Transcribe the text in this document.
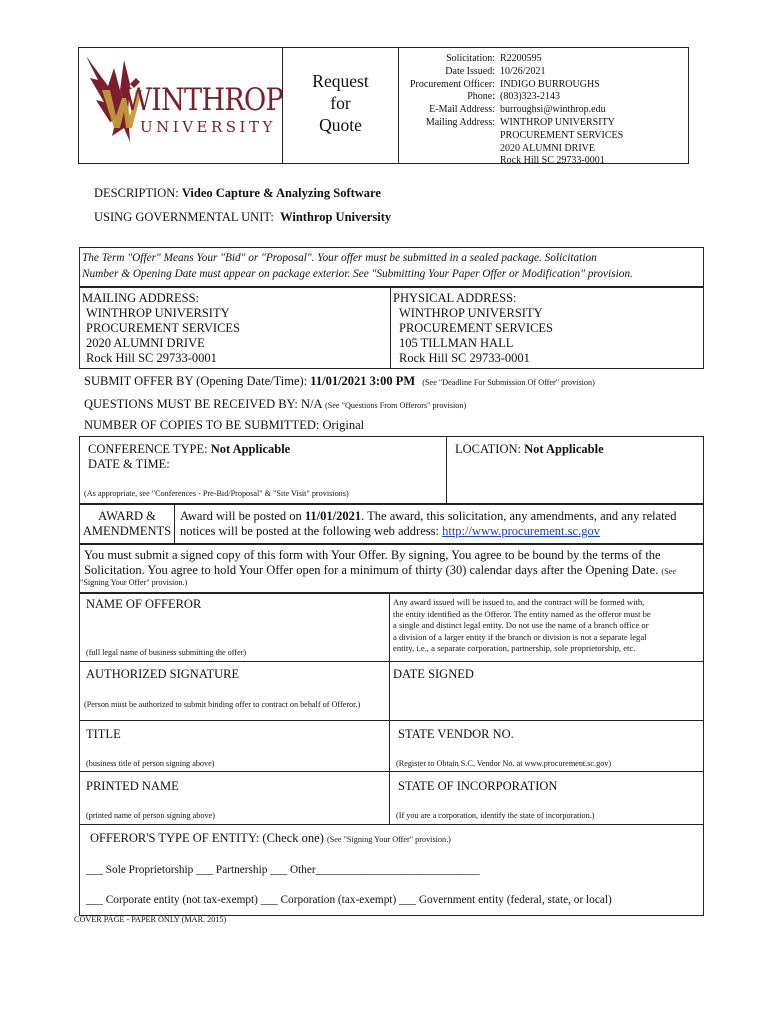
WINTHROP
UNIVERSITY
Request
for
Quote
Solicitation:
Date Issued:
Procurement Officer:
Phone:
E-Mail Address:
Mailing Address:
R2200595
10/26/2021
INDIGO BURROUGHS
(803)323-2143
burroughsi@winthrop.edu
WINTHROP UNIVERSITY
PROCUREMENT SERVICES
2020 ALUMNI DRIVE
Rock Hill SC 29733-0001
DESCRIPTION: Video Capture & Analyzing Software
USING GOVERNMENTAL UNIT: Winthrop University
The Term "Offer" Means Your "Bid" or "Proposal". Your offer must be submitted in a sealed package. Solicitation
Number & Opening Date must appear on package exterior. See "Submitting Your Paper Offer or Modification" provision.
MAILING ADDRESS:
WINTHROP UNIVERSITY
PROCUREMENT SERVICES
2020 ALUMNI DRIVE
Rock Hill SC 29733-0001
PHYSICAL ADDRESS:
WINTHROP UNIVERSITY
PROCUREMENT SERVICES
105 TILLMAN HALL
Rock Hill SC 29733-0001
SUBMIT OFFER BY (Opening Date/Time): 11/01/2021 3:00 PM (See "Deadline For Submission Of Offer" provision)
QUESTIONS MUST BE RECEIVED BY: N/A (See "Questions From Offerors" provision)
NUMBER OF COPIES TO BE SUBMITTED: Original
CONFERENCE TYPE: Not Applicable
DATE & TIME:
LOCATION: Not Applicable
(As appropriate, see "Conferences - Pre-Bid/Proposal" & "Site Visit" provisions)
AWARD &
AMENDMENTS
Award will be posted on 11/01/2021. The award, this solicitation, any amendments, and any related
notices will be posted at the following web address: http://www.procurement.sc.gov
You must submit a signed copy of this form with Your Offer. By signing, You agree to be bound by the terms of the
Solicitation. You agree to hold Your Offer open for a minimum of thirty (30) calendar days after the Opening Date. (See
"Signing Your Offer" provision.)
NAME OF OFFEROR
(full legal name of business submitting the offer)
Any award issued will be issued to, and the contract will be formed with,
the entity identified as the Offeror. The entity named as the offeror must be
a single and distinct legal entity. Do not use the name of a branch office or
a division of a larger entity if the branch or division is not a separate legal
entity, i.e., a separate corporation, partnership, sole proprietorship, etc.
AUTHORIZED SIGNATURE	DATE SIGNED
(Person must be authorized to submit binding offer to contract on behalf of Offeror.)
TITLE
(business title of person signing above)
STATE VENDOR NO.
(Register to Obtain S.C. Vendor No. at www.procurement.sc.gov)
PRINTED NAME
(printed name of person signing above)
STATE OF INCORPORATION
(If you are a corporation, identify the state of incorporation.)
OFFEROR'S TYPE OF ENTITY: (Check one) (See "Signing Your Offer" provision.)
___ Sole Proprietorship ___ Partnership ___ Other_____________________________
___ Corporate entity (not tax-exempt) ___ Corporation (tax-exempt) ___ Government entity (federal, state, or local)
COVER PAGE - PAPER ONLY (MAR. 2015)
